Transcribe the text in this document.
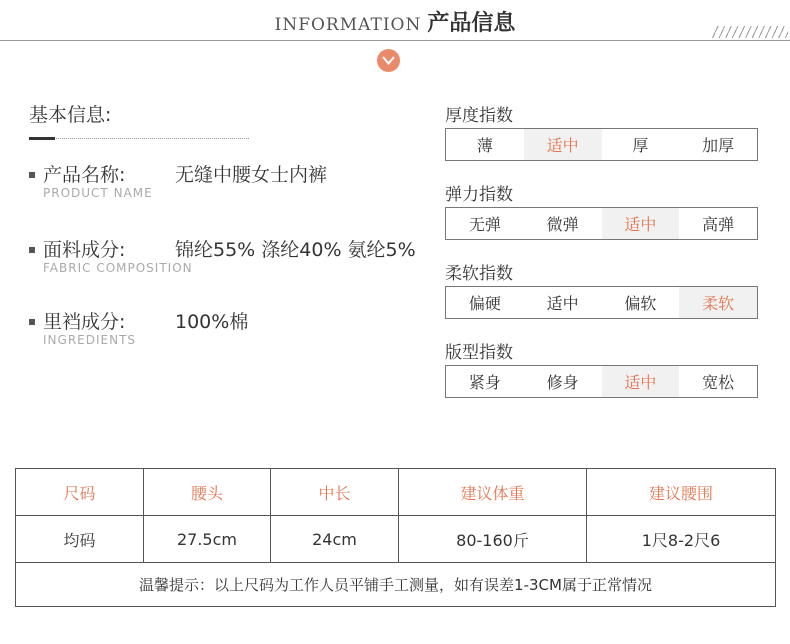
INFORMATION 产品信息
基本信息:
产品名称:	无缝中腰女士内裤
PRODUCT NAME
面料成分:	锦纶55% 涤纶40% 氨纶5%
FABRIC COMPOSITION
里裆成分:	100%棉
INGREDIENTS
厚度指数
薄	适中	厚	加厚
弹力指数
无弹	微弹	适中	高弹
柔软指数
偏硬	适中	偏软	柔软
版型指数
紧身	修身	适中	宽松
尺码	腰头	中长	建议体重	建议腰围
均码	27.5cm	24cm	80-160斤	1尺8-2尺6
温馨提示：以上尺码为工作人员平铺手工测量，如有误差1-3CM属于正常情况				
